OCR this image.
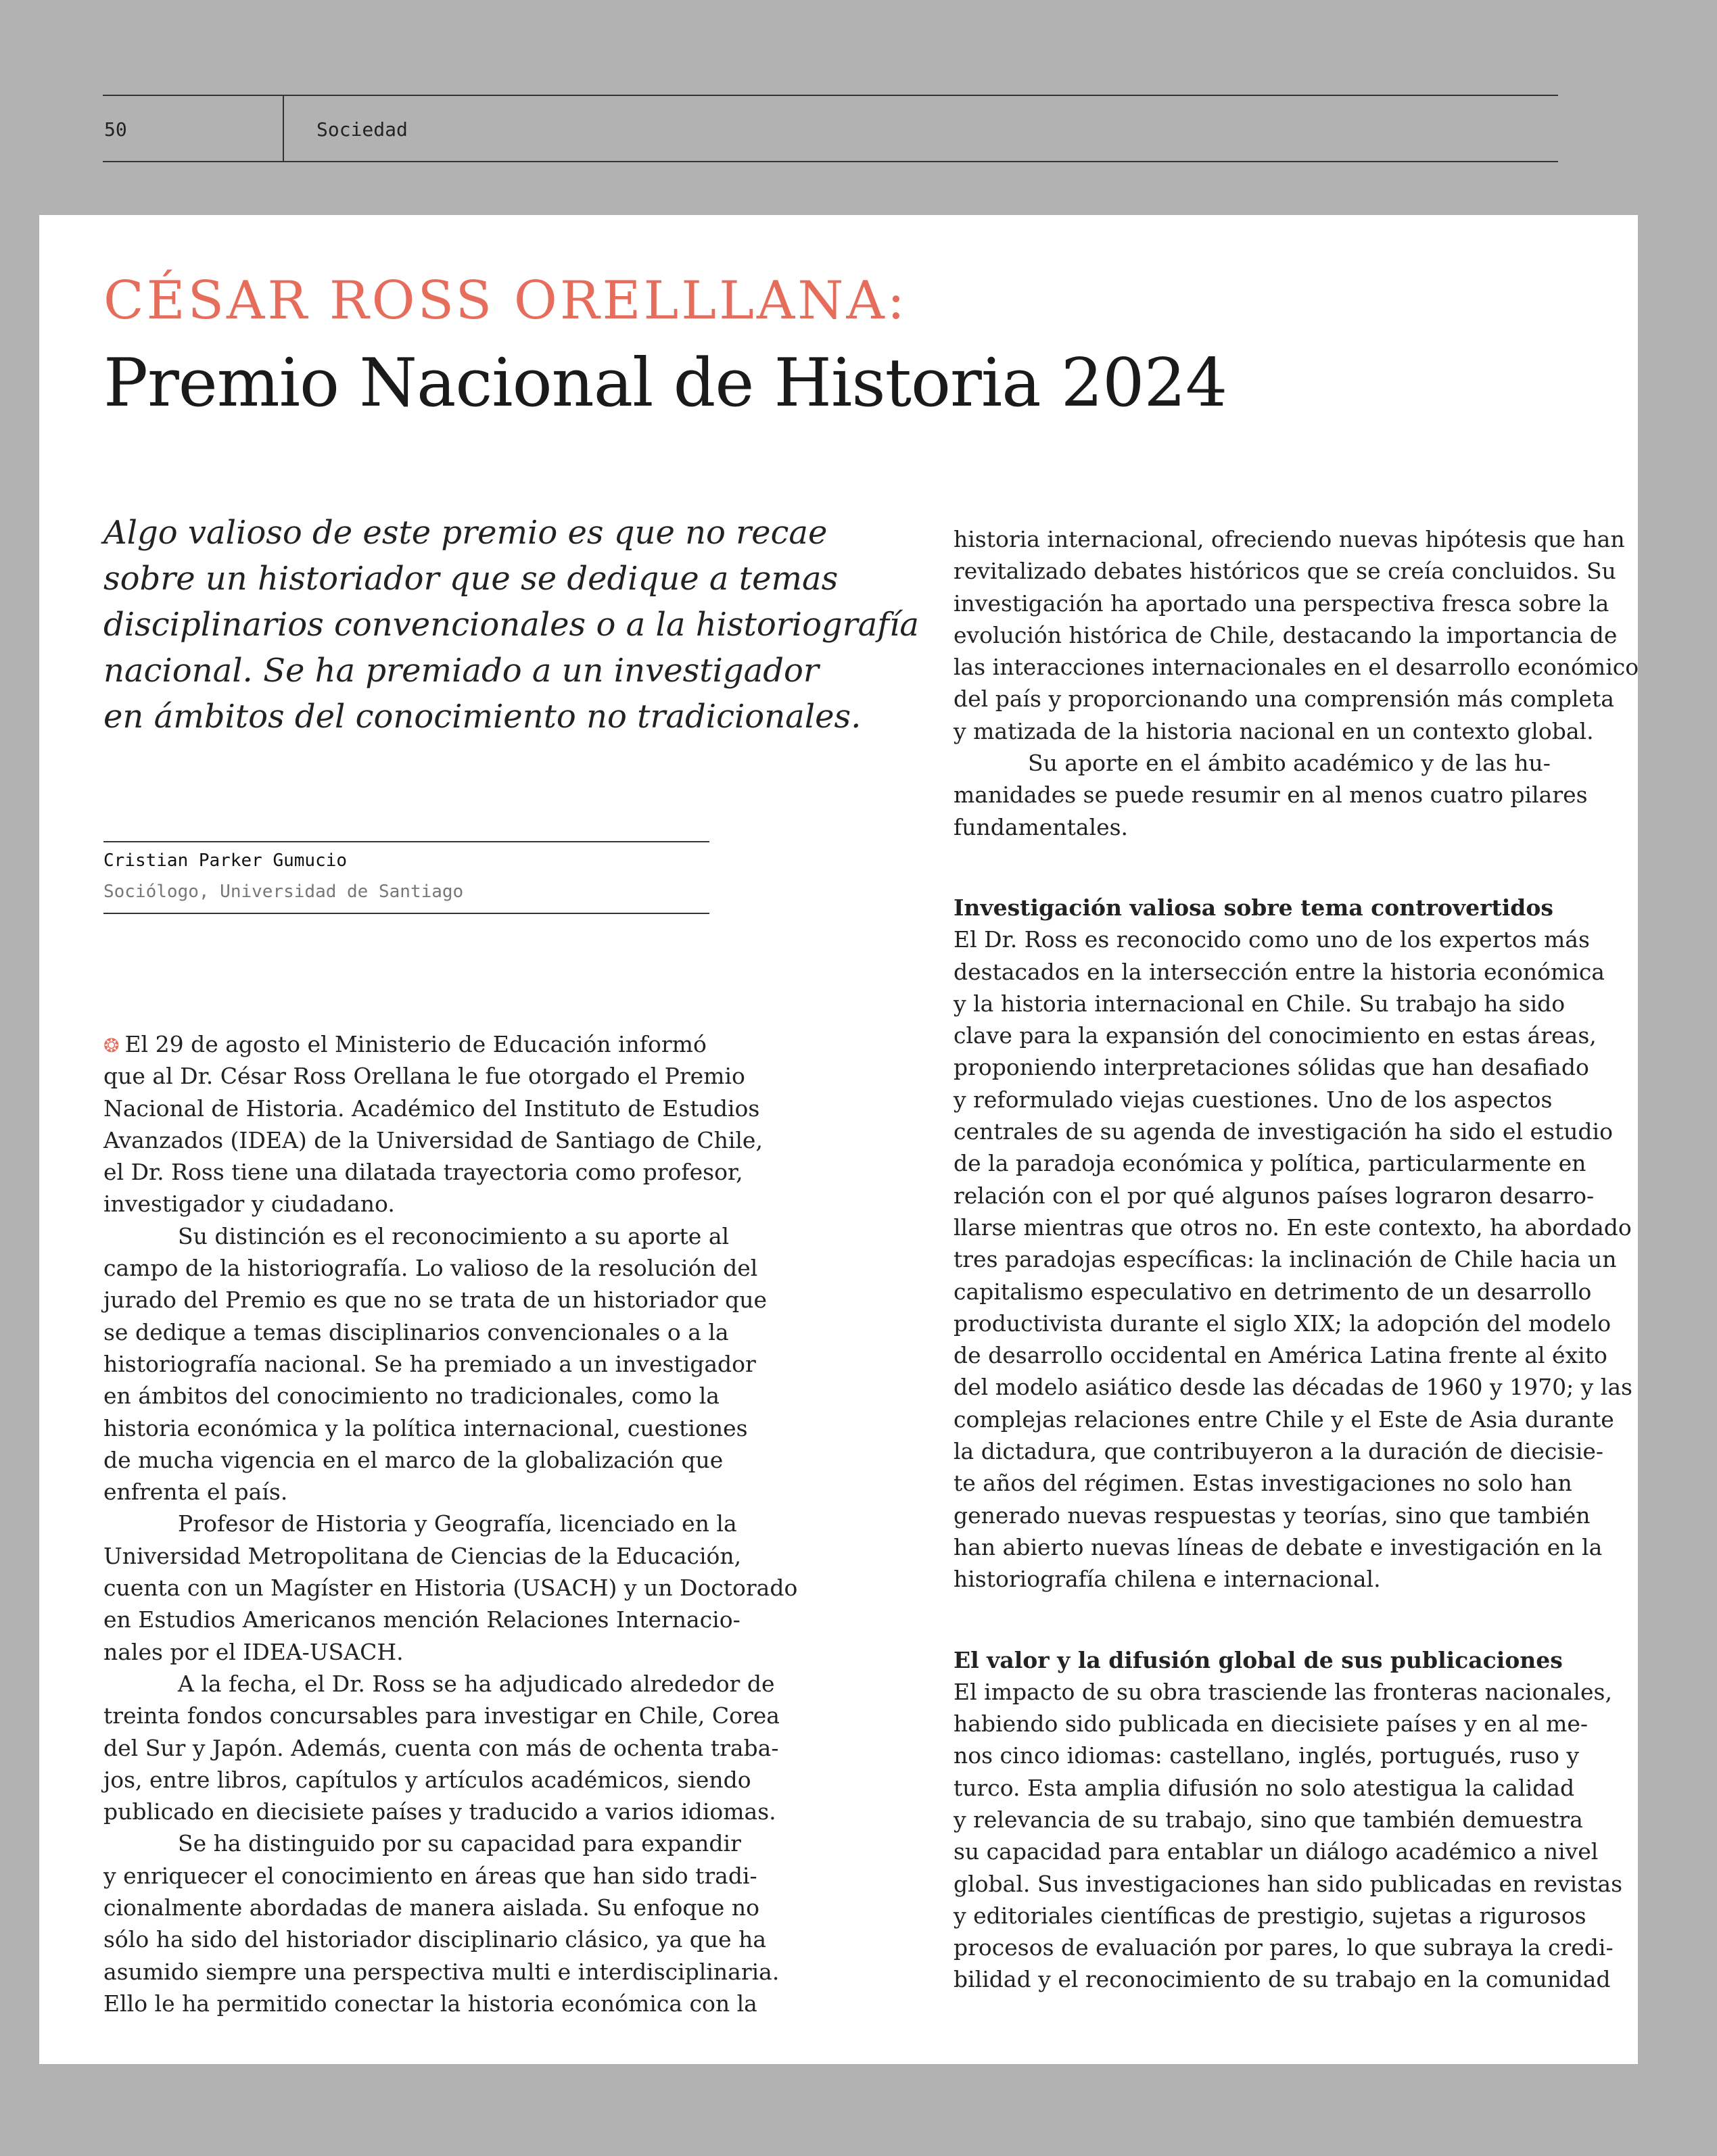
50	Sociedad
CÉSAR ROSS ORELLLANA:
Premio Nacional de Historia 2024

Algo valioso de este premio es que no recae

sobre un historiador que se dedique a temas

disciplinarios convencionales o a la historiografía

nacional. Se ha premiado a un investigador

en ámbitos del conocimiento no tradicionales.

Cristian Parker Gumucio
Sociólogo, Universidad de Santiago
❂ El 29 de agosto el Ministerio de Educación informó
que al Dr. César Ross Orellana le fue otorgado el Premio
Nacional de Historia. Académico del Instituto de Estudios
Avanzados (IDEA) de la Universidad de Santiago de Chile,
el Dr. Ross tiene una dilatada trayectoria como profesor,
investigador y ciudadano.
Su distinción es el reconocimiento a su aporte al
campo de la historiografía. Lo valioso de la resolución del
jurado del Premio es que no se trata de un historiador que
se dedique a temas disciplinarios convencionales o a la
historiografía nacional. Se ha premiado a un investigador
en ámbitos del conocimiento no tradicionales, como la
historia económica y la política internacional, cuestiones
de mucha vigencia en el marco de la globalización que
enfrenta el país.
Profesor de Historia y Geografía, licenciado en la
Universidad Metropolitana de Ciencias de la Educación,
cuenta con un Magíster en Historia (USACH) y un Doctorado
en Estudios Americanos mención Relaciones Internacio-
nales por el IDEA-USACH.
A la fecha, el Dr. Ross se ha adjudicado alrededor de
treinta fondos concursables para investigar en Chile, Corea
del Sur y Japón. Además, cuenta con más de ochenta traba-
jos, entre libros, capítulos y artículos académicos, siendo
publicado en diecisiete países y traducido a varios idiomas.
Se ha distinguido por su capacidad para expandir
y enriquecer el conocimiento en áreas que han sido tradi-
cionalmente abordadas de manera aislada. Su enfoque no
sólo ha sido del historiador disciplinario clásico, ya que ha
asumido siempre una perspectiva multi e interdisciplinaria.
Ello le ha permitido conectar la historia económica con la
historia internacional, ofreciendo nuevas hipótesis que han
revitalizado debates históricos que se creía concluidos. Su
investigación ha aportado una perspectiva fresca sobre la
evolución histórica de Chile, destacando la importancia de
las interacciones internacionales en el desarrollo económico
del país y proporcionando una comprensión más completa
y matizada de la historia nacional en un contexto global.
Su aporte en el ámbito académico y de las hu-
manidades se puede resumir en al menos cuatro pilares
fundamentales.
Investigación valiosa sobre tema controvertidos
El Dr. Ross es reconocido como uno de los expertos más
destacados en la intersección entre la historia económica
y la historia internacional en Chile. Su trabajo ha sido
clave para la expansión del conocimiento en estas áreas,
proponiendo interpretaciones sólidas que han desafiado
y reformulado viejas cuestiones. Uno de los aspectos
centrales de su agenda de investigación ha sido el estudio
de la paradoja económica y política, particularmente en
relación con el por qué algunos países lograron desarro-
llarse mientras que otros no. En este contexto, ha abordado
tres paradojas específicas: la inclinación de Chile hacia un
capitalismo especulativo en detrimento de un desarrollo
productivista durante el siglo XIX; la adopción del modelo
de desarrollo occidental en América Latina frente al éxito
del modelo asiático desde las décadas de 1960 y 1970; y las
complejas relaciones entre Chile y el Este de Asia durante
la dictadura, que contribuyeron a la duración de diecisie-
te años del régimen. Estas investigaciones no solo han
generado nuevas respuestas y teorías, sino que también
han abierto nuevas líneas de debate e investigación en la
historiografía chilena e internacional.
El valor y la difusión global de sus publicaciones
El impacto de su obra trasciende las fronteras nacionales,
habiendo sido publicada en diecisiete países y en al me-
nos cinco idiomas: castellano, inglés, portugués, ruso y
turco. Esta amplia difusión no solo atestigua la calidad
y relevancia de su trabajo, sino que también demuestra
su capacidad para entablar un diálogo académico a nivel
global. Sus investigaciones han sido publicadas en revistas
y editoriales científicas de prestigio, sujetas a rigurosos
procesos de evaluación por pares, lo que subraya la credi-
bilidad y el reconocimiento de su trabajo en la comunidad
